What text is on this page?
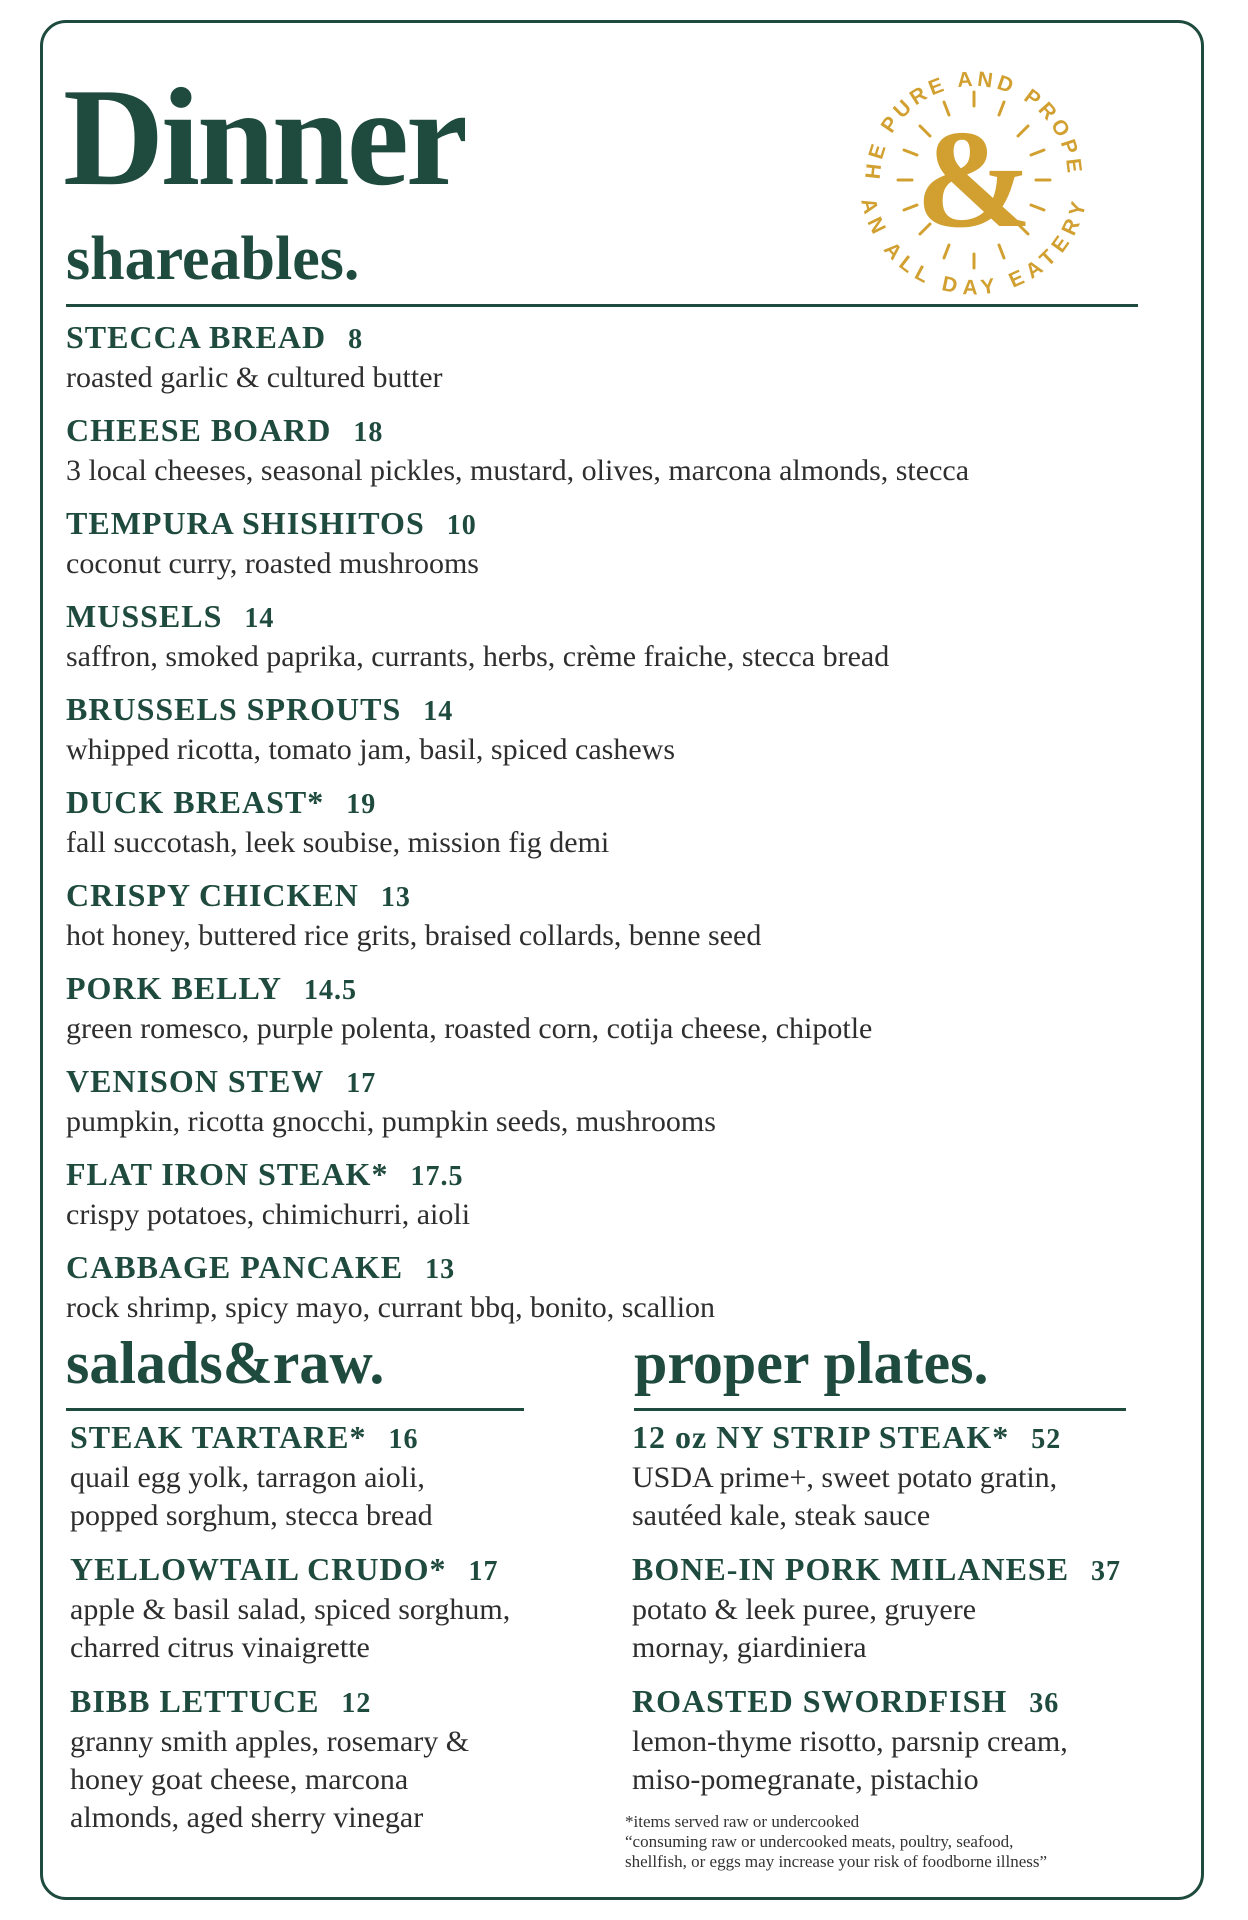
Dinner	&
HE PURE AND PROPE
AN ALL DAY EATERY
shareables.
STECCA BREAD 8
roasted garlic & cultured butter
CHEESE BOARD 18
3 local cheeses, seasonal pickles, mustard, olives, marcona almonds, stecca
TEMPURA SHISHITOS 10
coconut curry, roasted mushrooms
MUSSELS 14
saffron, smoked paprika, currants, herbs, crème fraiche, stecca bread
BRUSSELS SPROUTS 14
whipped ricotta, tomato jam, basil, spiced cashews
DUCK BREAST* 19
fall succotash, leek soubise, mission fig demi
CRISPY CHICKEN 13
hot honey, buttered rice grits, braised collards, benne seed
PORK BELLY 14.5
green romesco, purple polenta, roasted corn, cotija cheese, chipotle
VENISON STEW 17
pumpkin, ricotta gnocchi, pumpkin seeds, mushrooms
FLAT IRON STEAK* 17.5
crispy potatoes, chimichurri, aioli
CABBAGE PANCAKE 13
rock shrimp, spicy mayo, currant bbq, bonito, scallion
salads&raw.
STEAK TARTARE* 16
quail egg yolk, tarragon aioli,
popped sorghum, stecca bread
YELLOWTAIL CRUDO* 17
apple & basil salad, spiced sorghum,
charred citrus vinaigrette
BIBB LETTUCE 12
granny smith apples, rosemary &
honey goat cheese, marcona
almonds, aged sherry vinegar
proper plates.
12 oz NY STRIP STEAK* 52
USDA prime+, sweet potato gratin,
sautéed kale, steak sauce
BONE-IN PORK MILANESE 37
potato & leek puree, gruyere
mornay, giardiniera
ROASTED SWORDFISH 36
lemon-thyme risotto, parsnip cream,
miso-pomegranate, pistachio
*items served raw or undercooked
“consuming raw or undercooked meats, poultry, seafood,
shellfish, or eggs may increase your risk of foodborne illness”
